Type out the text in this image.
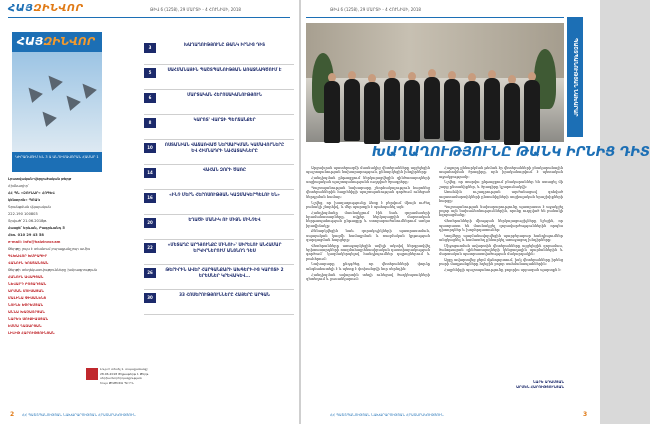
ՀԱՅԶԻՆՎՈՐ	ԹԻՎ 6 (1258), 29 ՄԱՐՏԻ - 4 ՀՈՒՆԻՍԻ, 2018
ՀԱՅԶԻՆՎՈՐ
ԿԻՐԱՌՎՈՒՄ ԵՆ 3 Ա ԱՆԴԻՄԱՎՈՐԱՆ ՀԱՄԱՐ 1

Լրատվական-վերլուծական թերթ

Հիմնադիր՝

ՀՀ ՊՆ «ԶՈՒՆԱՐ» ՀՈԳԵՎ

կենտրոն» ՊՈԱԿ

Գրանցման վկայական

222.190 100803

Տրված՝ 21.06.2018թ.

Հասցե՝ Երևան, Բագրևանդ 5

Հեռ. 010 29 43 58

e-mail: info@haizinvor.am

Թերթը լույս է տեսնում յուրաքանչյուր ամիս

ԳԼԽԱՎՈՐ ԽՄԲԱԳԻՐ

ՎԱՆՈՒՆ ԿՈՍՏԱՆՅԱՆ

Թերթի տեղեկատվությունները խմբագրության

ՀԱՆՈՒՆ ԱՎԱԳՅԱՆ

ՆԵՎԱՐԴ ԲՈՅԱԴՅԱՆ

ԱՐՄԱՆ ՄՈՒՍԱՅԱՆ

ՄԱԼԻՆԱ ՓԻՍԱՆԵՆՑ

ՆՈՒՆԵ ԵՓՐԵՄՅԱՆ

ԱՆՆԱ ԽԱՉԱՏՐՅԱՆ

ՆԱՐԵԿ ՍՈՒՔԻԱՍՅԱՆ

ԷՄՄԱ ՂԱԶԱՐՅԱՆ

ԼԻԼԻԹ ՀԱՐՈՒԹՅՈՒՆՅԱՆ

3
ԽԱՂԱՂՈՒԹՅՈՒՆԸ ԹԱՆԿ ԻՐՆԻՑ ԴԻՏ
5
ՍԱՀՄԱՆԱՅԻՆ ՊԱՇՏՊԱՆՈՒԹՅԱՆ ԱՌԱՋՆԱԳԾՈՒՄ Է
6
ՄԱՐՏԱԿԱՆ ՀԵՐՈՍԱԿԱՆՈՒԹՅՈՒՆ
8
ԿԱՐՈՏ՝ ՎԱՐՁԻ ՊԵՐՃԱՆՔԵՐ
10
ՈՍՏԱՆԻԱՆ ՎԱՃԱՌՎԱԾ ՆԵՐՍԱՐԿՄԱՆ ԿԱՄԱՎՈՐՆԵՐԸ ԵՎ ՀԻՄՆԱԴՐԻ ՆԱՀԱՏԱԿՆԵՐԸ
14
ՎԱՀԱՆ ԶՈՐԻ ԾԱՌԸ
16
«ԻՆՉ ՄԵՐՆ ՀԵՐՈՍՈՒԹՅԱՆ ԿԱԶՄԱԿԵՐՊԵԼՈՒ ԵՆ»
20
ԵՂԱԾԻ ՄԱՆԻԿ ՈՒ ՄԻՋՆ ՄԻՆՉԵՎ
22
«ՄԵՏԱՂԸ ԱՐԴՅՈՒՆՔԸ ՄԻՆՈՒ»՝ ՍԻՐԵԼՈՒ ԱՆՀԱՄԱՐ ԵՐԿԻՐՆԵՐՈՒՄ ԱՆՑՆՈՂ ԴԵՍ
26
ԹԵՐԻՐԻՆ ԱՎԵՐ ՀԱՐԳԱՆՔԱՐԻ ԱԽԳԵՐԻ-ԻՑ ԿԱՐՈՏԻ 2 ԵՐԵՍՆԵՐ ԿՐԵՎԱԿԵՎ...
30
33 ՀՈՍԵՐՈՒԹՅՈՒՆՆԵՐԸ ՀԱՅԵՐԸ ԱՐԳԱՆ
Լույս է տեսել 1. տպաքանակը՝ 28.06.2018 Թղթաթերթ 1 Թերթ սերիա Խորհրդակցության հույս ԹԵԹԵՓԱ ՊԲ ԻՆ
2 ՀՀ ՊԱՇՏՊԱՆՈՒԹՅԱՆ ՆԱԽԱՐԱՐՈՒԹՅԱՆ ՀՐԱՏԱՐԱԿՈՒԹՅՈՒՆ
ԹԻՎ 6 (1258), 29 ՄԱՐՏԻ - 4 ՀՈՒՆԻՍԻ, 2018
ՊԱՇՏՊԱՆՈՒԹՅԱՆ ՆԱԽԱՐԱՐ
ԽԱՂԱՂՈՒԹՅՈՒՆԸ ԹԱՆԿ ԻՐՆԻՑ ԴԻՏ

Արցախյան պատերազմի մասնակից վետերանները այցելեցին պաշտպանության նախարարություն, քննարկեցին խնդիրները։

Հանդիպման ընթացքում ներկայացվեցին զինծառայողների սոցիալական պաշտպանությանն ուղղված ծրագրերը։

Պաշտպանության նախարարը շնորհակալություն հայտնեց վետերաններին հայրենիքի պաշտպանության գործում ունեցած ներդրման համար։

Նշվեց, որ խաղաղությունը ձեռք է բերվում միայն ուժեղ բանակի շնորհիվ, և մեր պարտքն է պահպանել այն։

Հանդիպմանը մասնակցում էին նաև զորամասերի հրամանատարները, ովքեր ներկայացրին մարտական հերթապահության ընթացքը և ստորաբաժանումներում առկա իրավիճակը։

Քննարկվեցին նաև զորակոչիկների պատրաստման, սպայական կազմի համալրման և ռազմական կրթության զարգացման հարցերը։

Վետերանները առաջարկեցին ավելի ակտիվ ներգրավվել երիտասարդների ռազմահայրենասիրական դաստիարակության գործում՝ կազմակերպելով հանդիպումներ դպրոցներում և բուհերում։

Նախարարը ընդգծեց, որ վետերանների փորձը անգնահատելի է և պետք է փոխանցվի նոր սերնդին։

Հանդիպման ավարտին տեղի ունեցավ ծաղկեպսակների զետեղում և լուսանկարում։

Հաջորդ քննարկման թեման էր վետերանների բնակարանային ապահովման ծրագիրը, որն իրականացվում է պետական աջակցությամբ։

Նշվեց, որ տարվա ընթացքում բնակարաններ են ստացել մի շարք ընտանիքներ, և ծրագիրը կշարունակվի։

Առանձին ուշադրության արժանացավ զոհված ազատամարտիկների ընտանիքների սոցիալական երաշխիքների հարցը։

Պաշտպանության նախարարությունը պատրաստ է աջակցել բոլոր այն նախաձեռնություններին, որոնք ուղղված են բանակի հզորացմանը։

Վետերանների միության ներկայացուցիչները նշեցին, որ պատրաստ են մասնակցել զորավարժություններին որպես դիտորդներ և խորհրդատուներ։

Կողմերը պայմանավորվեցին պարբերաբար հանդիպումներ անցկացնել և համատեղ քննարկել առաջացող խնդիրները։

Միջոցառման ավարտին վետերանները այցելեցին զորամաս, ծանոթացան զինծառայողների կենցաղային պայմաններին և մարտական պատրաստվածության մակարդակին։

Այցը ավարտվեց ջերմ մթնոլորտում, իսկ վետերանները իրենց բարի մաղթանքները հղեցին բոլոր սահմանապահներին։

Հայրենիքի պաշտպանությունը բոլորիս սրբազան պարտքն է։

ՆԱՐԵ ԱԴԱՄՅԱՆ
ԱՐՄԵՆ ՀԱՐՈՒԹՅՈՒՆՅԱՆ
ՀՀ ՊԱՇՏՊԱՆՈՒԹՅԱՆ ՆԱԽԱՐԱՐՈՒԹՅԱՆ ՀՐԱՏԱՐԱԿՈՒԹՅՈՒՆ	3
